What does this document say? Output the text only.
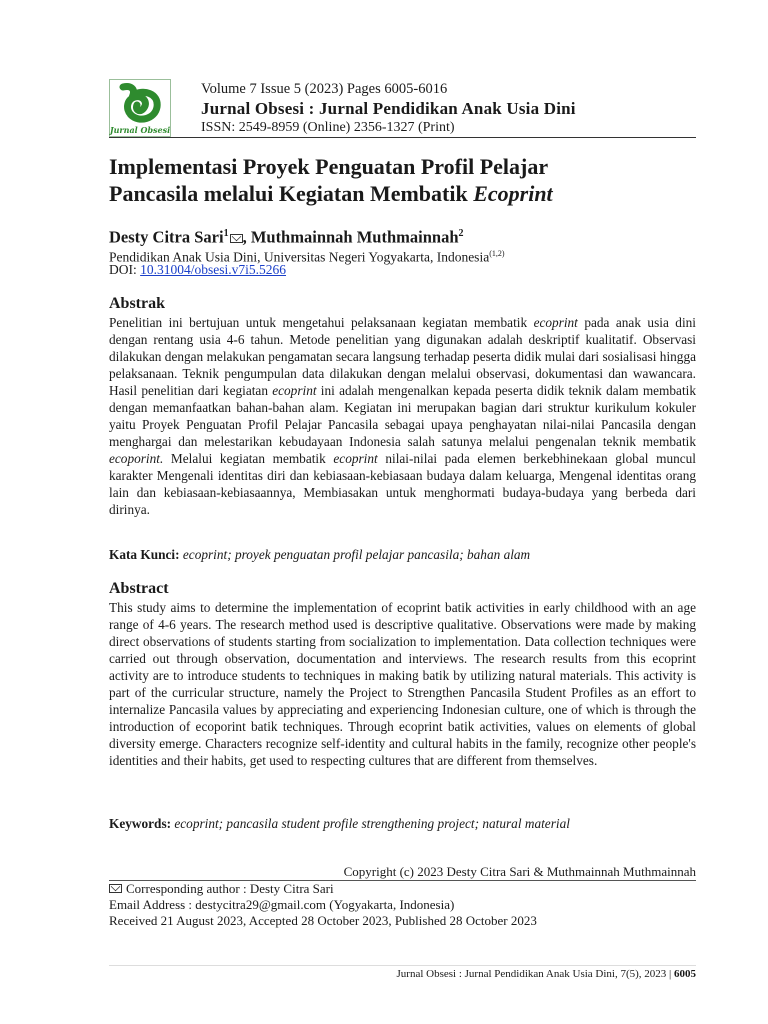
Jurnal Obsesi
Volume 7 Issue 5 (2023) Pages 6005-6016
Jurnal Obsesi : Jurnal Pendidikan Anak Usia Dini
ISSN: 2549-8959 (Online) 2356-1327 (Print)
Implementasi Proyek Penguatan Profil Pelajar
Pancasila melalui Kegiatan Membatik Ecoprint
Desty Citra Sari$^1$ , Muthmainnah Muthmainnah$^2$
Pendidikan Anak Usia Dini, Universitas Negeri Yogyakarta, Indonesia$^{(1,2)}$
DOI: 10.31004/obsesi.v7i5.5266
Abstrak

Penelitian ini bertujuan untuk mengetahui pelaksanaan kegiatan membatik ecoprint pada anak usia dini dengan rentang usia 4-6 tahun. Metode penelitian yang digunakan adalah deskriptif kualitatif. Observasi dilakukan dengan melakukan pengamatan secara langsung terhadap peserta didik mulai dari sosialisasi hingga pelaksanaan. Teknik pengumpulan data dilakukan dengan melalui observasi, dokumentasi dan wawancara. Hasil penelitian dari kegiatan ecoprint ini adalah mengenalkan kepada peserta didik teknik dalam membatik dengan memanfaatkan bahan-bahan alam. Kegiatan ini merupakan bagian dari struktur kurikulum kokuler yaitu Proyek Penguatan Profil Pelajar Pancasila sebagai upaya penghayatan nilai-nilai Pancasila dengan menghargai dan melestarikan kebudayaan Indonesia salah satunya melalui pengenalan teknik membatik ecoporint. Melalui kegiatan membatik ecoprint nilai-nilai pada elemen berkebhinekaan global muncul karakter Mengenali identitas diri dan kebiasaan-kebiasaan budaya dalam keluarga, Mengenal identitas orang lain dan kebiasaan-kebiasaannya, Membiasakan untuk menghormati budaya-budaya yang berbeda dari dirinya.

Kata Kunci: ecoprint; proyek penguatan profil pelajar pancasila; bahan alam
Abstract

This study aims to determine the implementation of ecoprint batik activities in early childhood with an age range of 4-6 years. The research method used is descriptive qualitative. Observations were made by making direct observations of students starting from socialization to implementation. Data collection techniques were carried out through observation, documentation and interviews. The research results from this ecoprint activity are to introduce students to techniques in making batik by utilizing natural materials. This activity is part of the curricular structure, namely the Project to Strengthen Pancasila Student Profiles as an effort to internalize Pancasila values by appreciating and experiencing Indonesian culture, one of which is through the introduction of ecoporint batik techniques. Through ecoprint batik activities, values on elements of global diversity emerge. Characters recognize self-identity and cultural habits in the family, recognize other people's identities and their habits, get used to respecting cultures that are different from themselves.

Keywords: ecoprint; pancasila student profile strengthening project; natural material
Copyright (c) 2023 Desty Citra Sari & Muthmainnah Muthmainnah
Corresponding author : Desty Citra Sari
Email Address : destycitra29@gmail.com (Yogyakarta, Indonesia)
Received 21 August 2023, Accepted 28 October 2023, Published 28 October 2023
Jurnal Obsesi : Jurnal Pendidikan Anak Usia Dini, 7(5), 2023 | 6005
